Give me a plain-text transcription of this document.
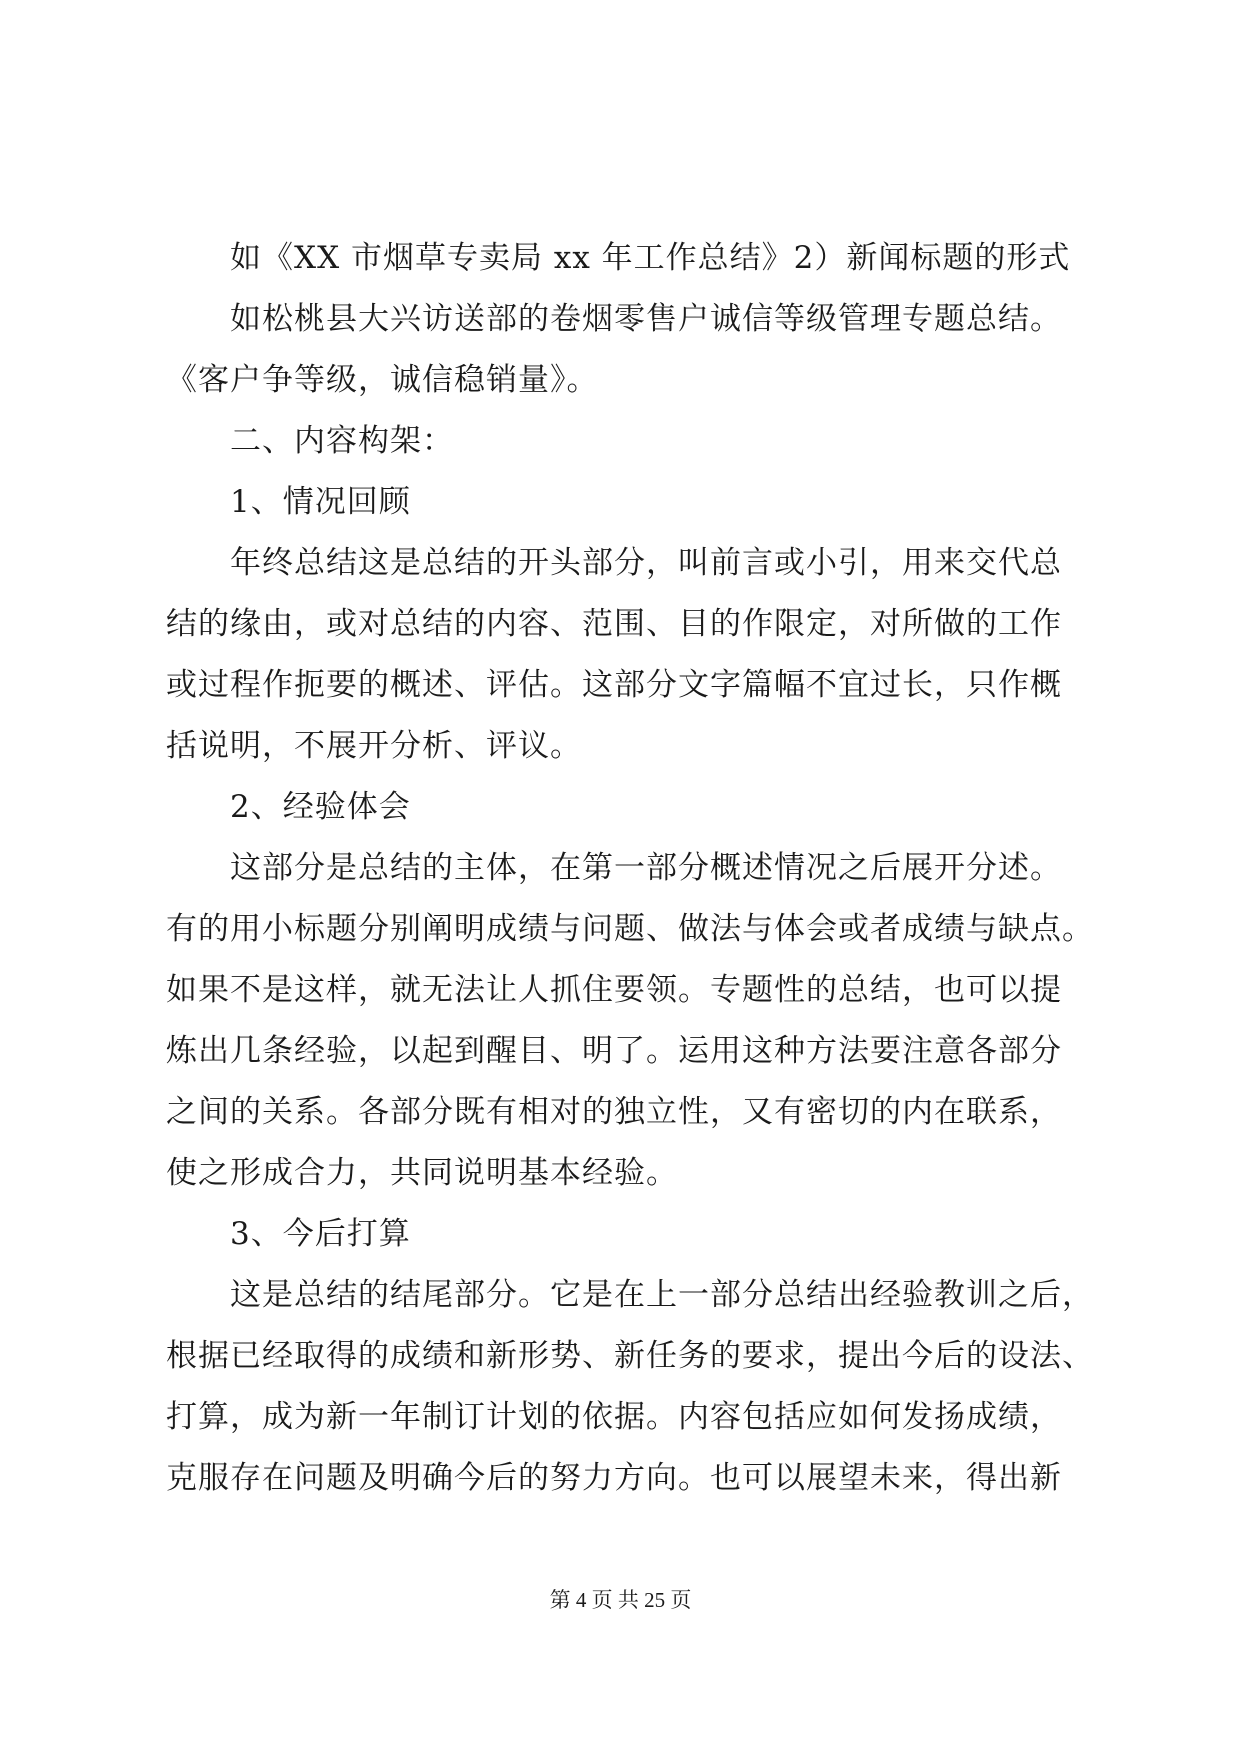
　　如《XX 市烟草专卖局 xx 年工作总结》2）新闻标题的形式
　　如松桃县大兴访送部的卷烟零售户诚信等级管理专题总结。
《客户争等级，诚信稳销量》。
　　二、内容构架：
　　1、情况回顾
　　年终总结这是总结的开头部分，叫前言或小引，用来交代总
结的缘由，或对总结的内容、范围、目的作限定，对所做的工作
或过程作扼要的概述、评估。这部分文字篇幅不宜过长，只作概
括说明，不展开分析、评议。
　　2、经验体会
　　这部分是总结的主体，在第一部分概述情况之后展开分述。
有的用小标题分别阐明成绩与问题、做法与体会或者成绩与缺点。
如果不是这样，就无法让人抓住要领。专题性的总结，也可以提
炼出几条经验，以起到醒目、明了。运用这种方法要注意各部分
之间的关系。各部分既有相对的独立性，又有密切的内在联系，
使之形成合力，共同说明基本经验。
　　3、今后打算
　　这是总结的结尾部分。它是在上一部分总结出经验教训之后，
根据已经取得的成绩和新形势、新任务的要求，提出今后的设法、
打算，成为新一年制订计划的依据。内容包括应如何发扬成绩，
克服存在问题及明确今后的努力方向。也可以展望未来，得出新
第 4 页 共 25 页
